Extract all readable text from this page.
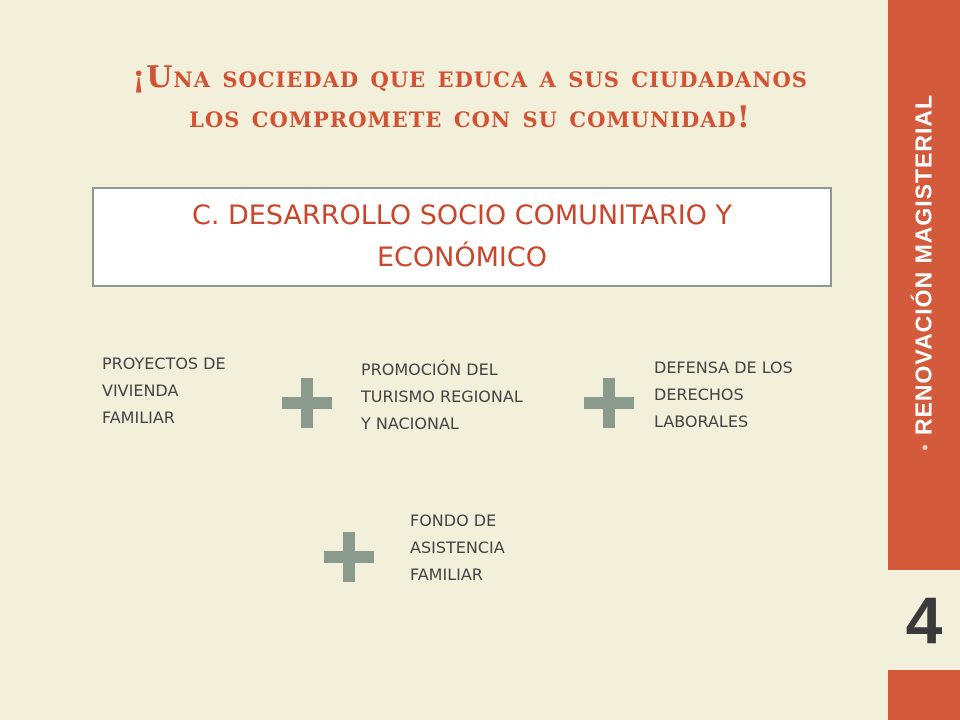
¡Una sociedad que educa a sus ciudadanos
los compromete con su comunidad!
C. DESARROLLO SOCIO COMUNITARIO Y
ECONÓMICO
PROYECTOS DE
VIVIENDA
FAMILIAR
PROMOCIÓN DEL
TURISMO REGIONAL
Y NACIONAL
DEFENSA DE LOS
DERECHOS
LABORALES
FONDO DE
ASISTENCIA
FAMILIAR
RENOVACIÓN MAGISTERIAL
4
